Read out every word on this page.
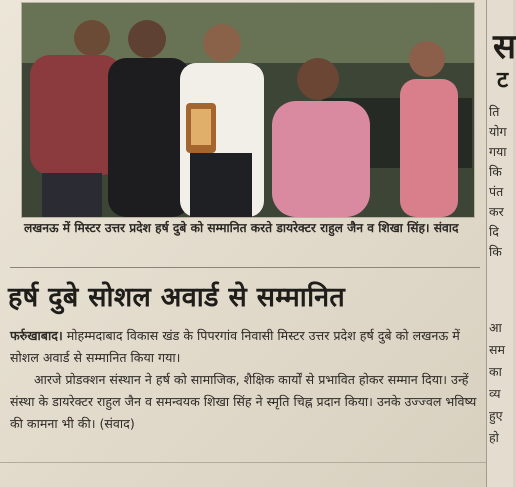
लखनऊ में मिस्टर उत्तर प्रदेश हर्ष दुबे को सम्मानित करते डायरेक्टर राहुल जैन व शिखा सिंह। संवाद
हर्ष दुबे सोशल अवार्ड से सम्मानित

फर्रुखाबाद। मोहम्मदाबाद विकास खंड के पिपरगांव निवासी मिस्टर उत्तर प्रदेश हर्ष दुबे को लखनऊ में सोशल अवार्ड से सम्मानित किया गया।

आरजे प्रोडक्शन संस्थान ने हर्ष को सामाजिक, शैक्षिक कार्यों से प्रभावित होकर सम्मान दिया। उन्हें संस्था के डायरेक्टर राहुल जैन व समन्वयक शिखा सिंह ने स्मृति चिह्न प्रदान किया। उनके उज्ज्वल भविष्य की कामना भी की। (संवाद)

स
ट
ति
योग
गया
कि
पंत
कर
दि
कि
आ
सम
का
व्य
हुए
हो
